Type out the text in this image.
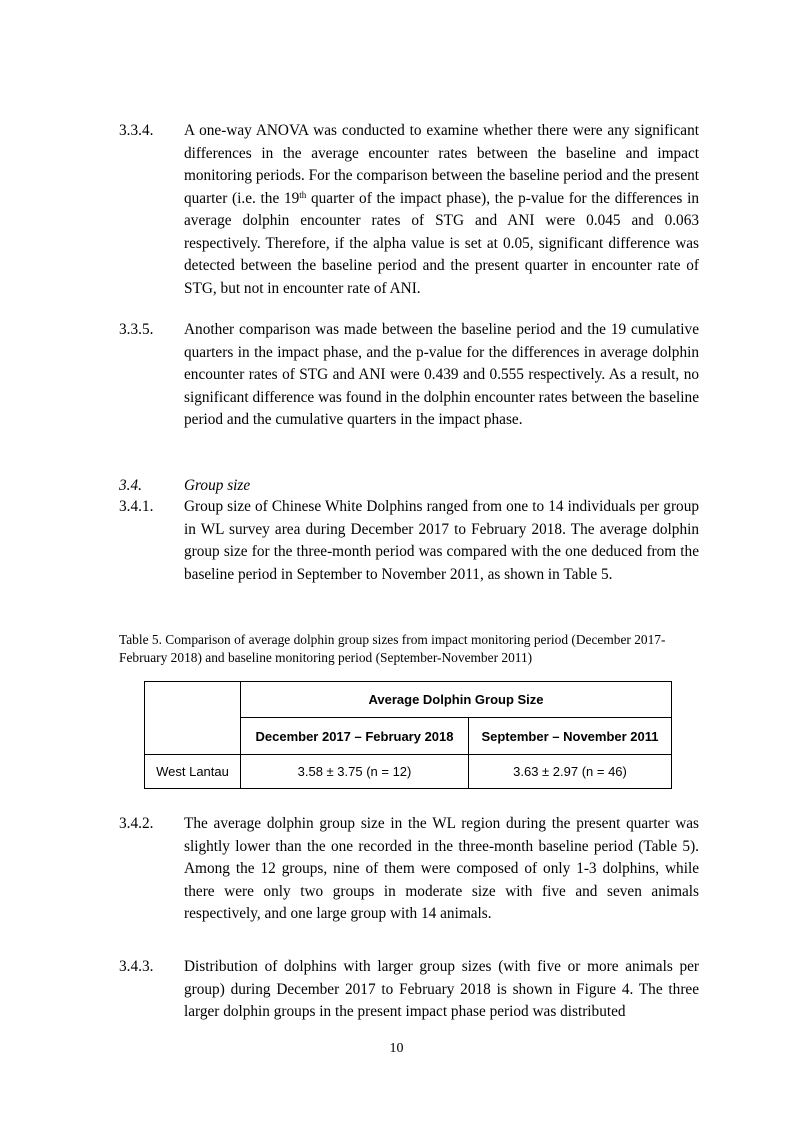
3.3.4. A one-way ANOVA was conducted to examine whether there were any significant differences in the average encounter rates between the baseline and impact monitoring periods. For the comparison between the baseline period and the present quarter (i.e. the 19th quarter of the impact phase), the p-value for the differences in average dolphin encounter rates of STG and ANI were 0.045 and 0.063 respectively. Therefore, if the alpha value is set at 0.05, significant difference was detected between the baseline period and the present quarter in encounter rate of STG, but not in encounter rate of ANI.
3.3.5. Another comparison was made between the baseline period and the 19 cumulative quarters in the impact phase, and the p-value for the differences in average dolphin encounter rates of STG and ANI were 0.439 and 0.555 respectively. As a result, no significant difference was found in the dolphin encounter rates between the baseline period and the cumulative quarters in the impact phase.
3.4.	Group size
3.4.1. Group size of Chinese White Dolphins ranged from one to 14 individuals per group in WL survey area during December 2017 to February 2018. The average dolphin group size for the three-month period was compared with the one deduced from the baseline period in September to November 2011, as shown in Table 5.
Table 5. Comparison of average dolphin group sizes from impact monitoring period (December 2017-February 2018) and baseline monitoring period (September-November 2011)
	Average Dolphin Group Size	
	December 2017 – February 2018	September – November 2011
West Lantau	3.58 ± 3.75 (n = 12)	3.63 ± 2.97 (n = 46)
3.4.2. The average dolphin group size in the WL region during the present quarter was slightly lower than the one recorded in the three-month baseline period (Table 5). Among the 12 groups, nine of them were composed of only 1-3 dolphins, while there were only two groups in moderate size with five and seven animals respectively, and one large group with 14 animals.
3.4.3. Distribution of dolphins with larger group sizes (with five or more animals per group) during December 2017 to February 2018 is shown in Figure 4. The three larger dolphin groups in the present impact phase period was distributed
10
